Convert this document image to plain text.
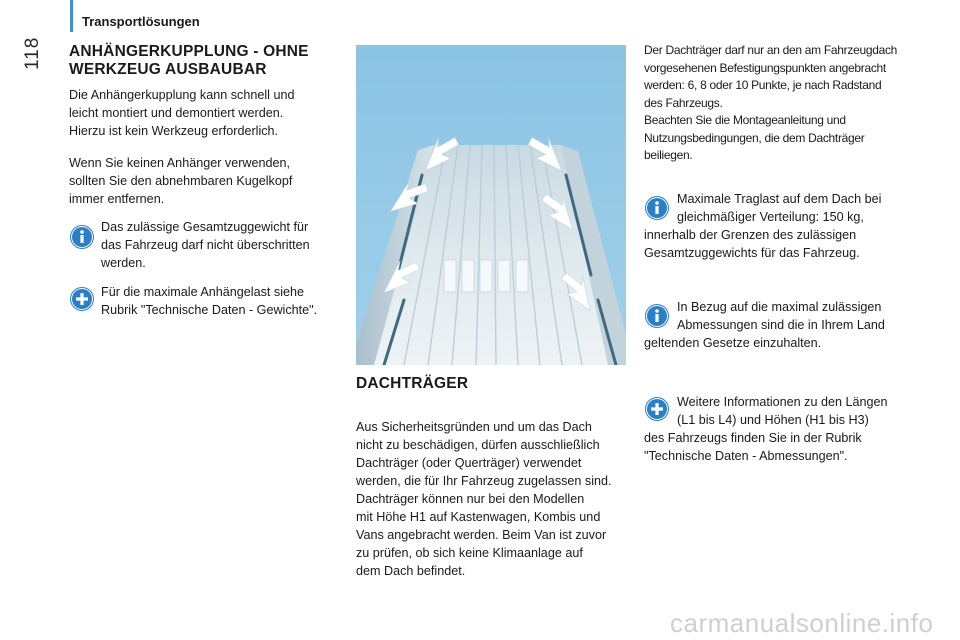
Transportlösungen
118 ANHÄNGERKUPPLUNG - OHNE
WERKZEUG AUSBAUBAR
Die Anhängerkupplung kann schnell und
leicht montiert und demontiert werden.
Hierzu ist kein Werkzeug erforderlich.
Wenn Sie keinen Anhänger verwenden,
sollten Sie den abnehmbaren Kugelkopf
immer entfernen.
Das zulässige Gesamtzuggewicht für
das Fahrzeug darf nicht überschritten
werden.
Für die maximale Anhängelast siehe
Rubrik "Technische Daten - Gewichte".
DACHTRÄGER
Aus Sicherheitsgründen und um das Dach
nicht zu beschädigen, dürfen ausschließlich
Dachträger (oder Querträger) verwendet
werden, die für Ihr Fahrzeug zugelassen sind.
Dachträger können nur bei den Modellen
mit Höhe H1 auf Kastenwagen, Kombis und
Vans angebracht werden. Beim Van ist zuvor
zu prüfen, ob sich keine Klimaanlage auf
dem Dach befindet.
Der Dachträger darf nur an den am Fahrzeugdach
vorgesehenen Befestigungspunkten angebracht
werden: 6, 8 oder 10 Punkte, je nach Radstand
des Fahrzeugs.
Beachten Sie die Montageanleitung und
Nutzungsbedingungen, die dem Dachträger
beiliegen.
Maximale Traglast auf dem Dach bei
gleichmäßiger Verteilung: 150 kg,
innerhalb der Grenzen des zulässigen
Gesamtzuggewichts für das Fahrzeug.
In Bezug auf die maximal zulässigen
Abmessungen sind die in Ihrem Land
geltenden Gesetze einzuhalten.
Weitere Informationen zu den Längen
(L1 bis L4) und Höhen (H1 bis H3)
des Fahrzeugs finden Sie in der Rubrik
"Technische Daten - Abmessungen".
carmanualsonline.info
